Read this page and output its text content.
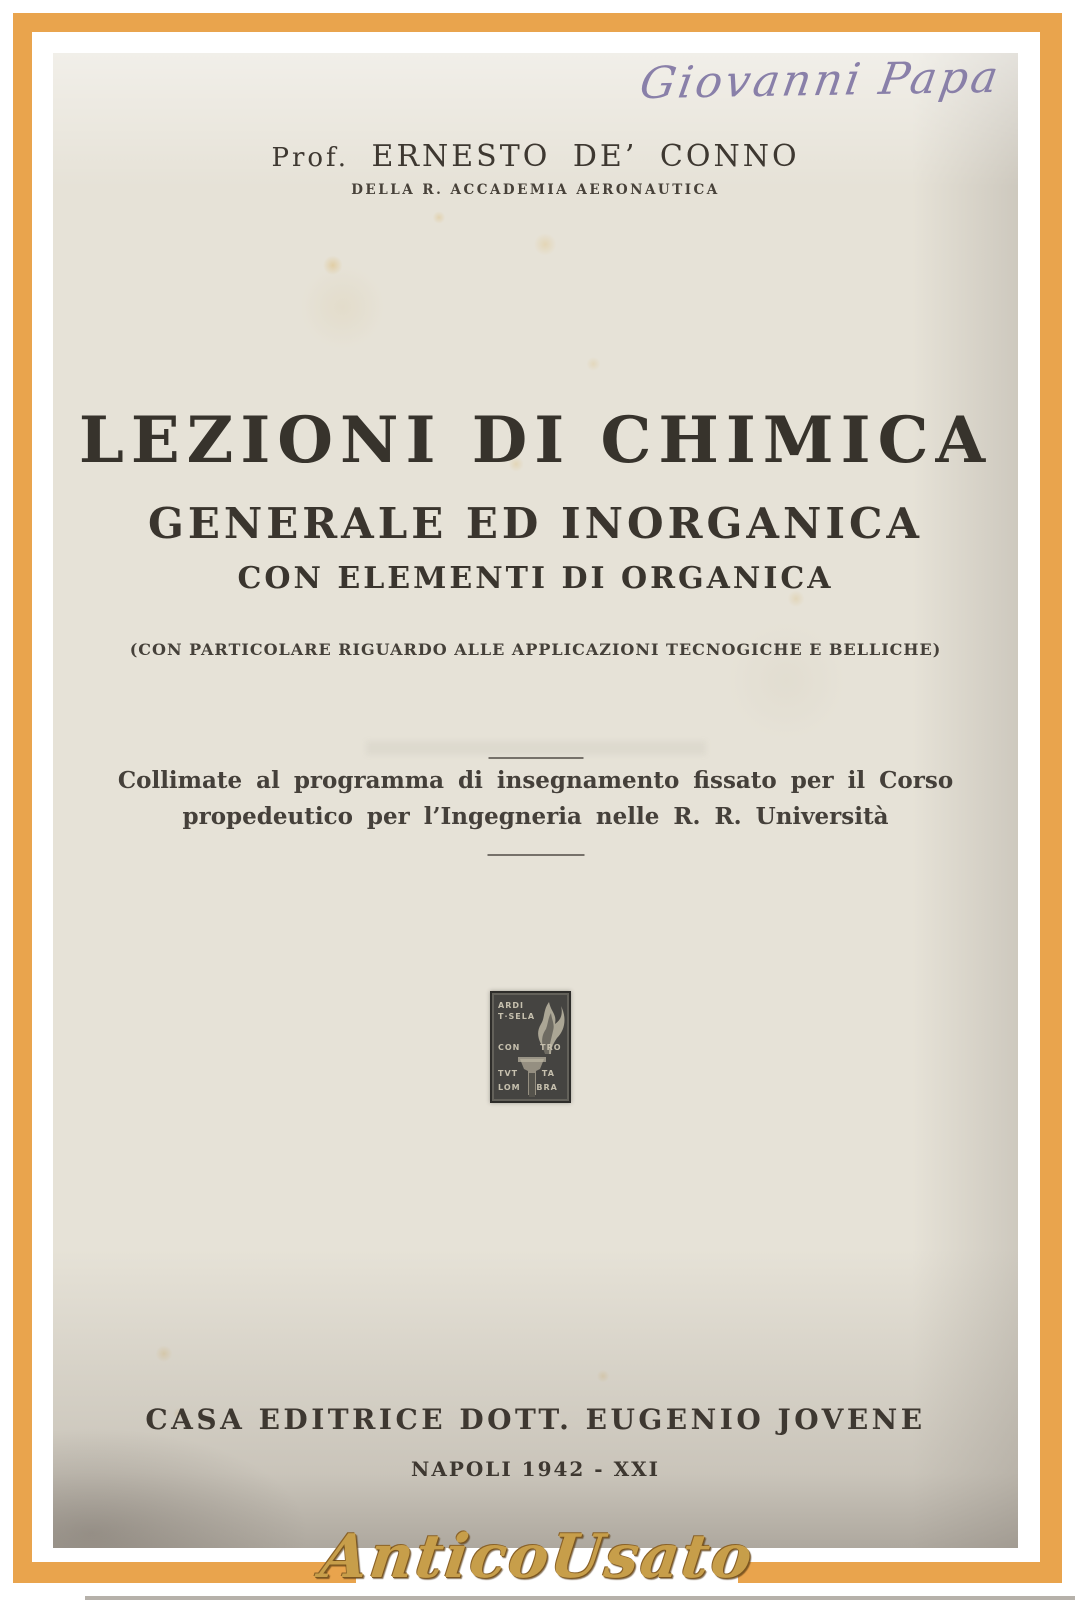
Giovanni Papa
Prof. ERNESTO DE’ CONNO
DELLA R. ACCADEMIA AERONAUTICA
LEZIONI DI CHIMICA
GENERALE ED INORGANICA
CON ELEMENTI DI ORGANICA
(CON PARTICOLARE RIGUARDO ALLE APPLICAZIONI TECNOGICHE E BELLICHE)
Collimate al programma di insegnamento fissato per il Corso
propedeutico per l’Ingegneria nelle R. R. Università
ARDI
T·SELA
CON TRO
TVT TA
LOM BRA
CASA EDITRICE DOTT. EUGENIO JOVENE
NAPOLI 1942 - XXI
AnticoUsato
